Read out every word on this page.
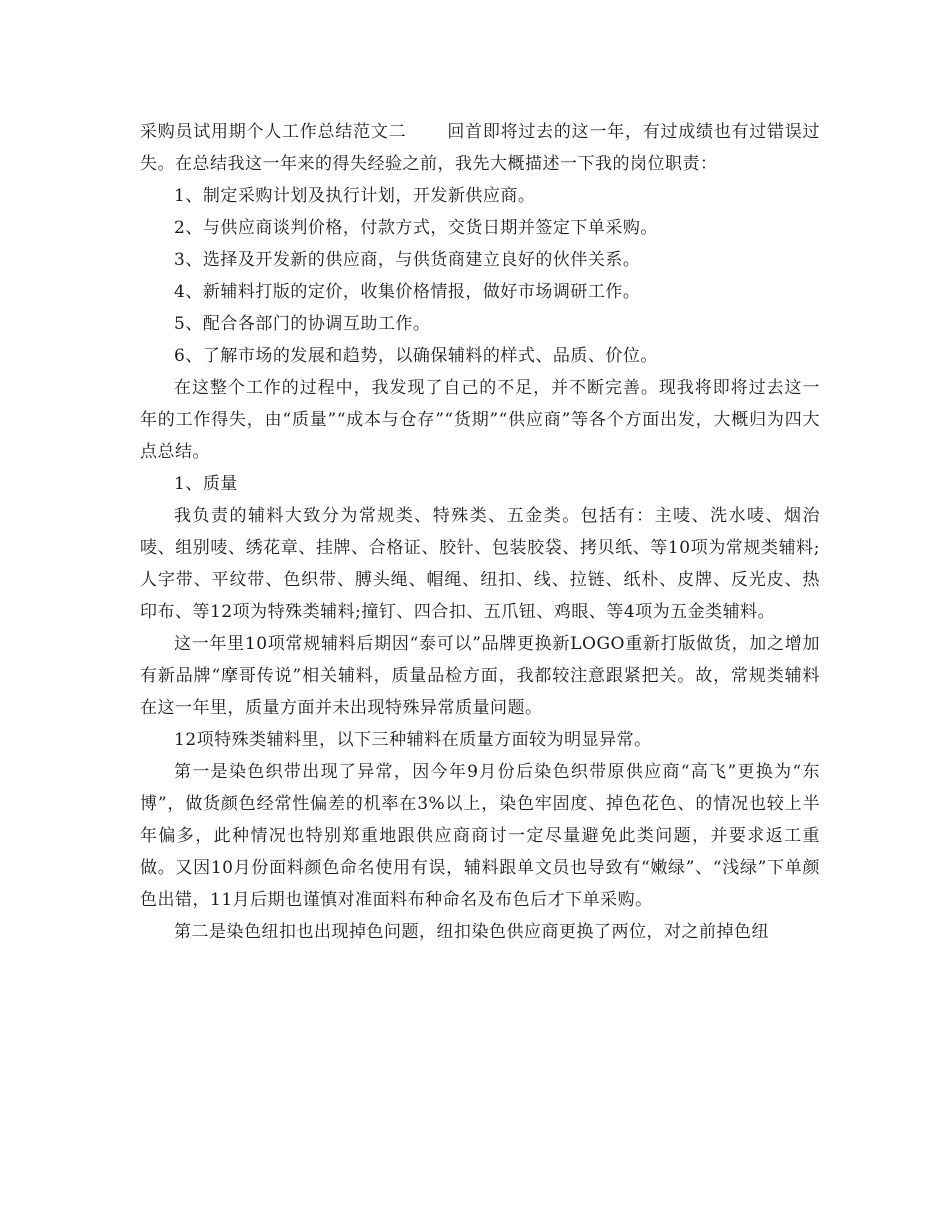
采购员试用期个人工作总结范文二 回首即将过去的这一年，有过成绩也有过错误过失。在总结我这一年来的得失经验之前，我先大概描述一下我的岗位职责：

1、制定采购计划及执行计划，开发新供应商。

2、与供应商谈判价格，付款方式，交货日期并签定下单采购。

3、选择及开发新的供应商，与供货商建立良好的伙伴关系。

4、新辅料打版的定价，收集价格情报，做好市场调研工作。

5、配合各部门的协调互助工作。

6、了解市场的发展和趋势，以确保辅料的样式、品质、价位。

在这整个工作的过程中，我发现了自己的不足，并不断完善。现我将即将过去这一年的工作得失，由“质量”“成本与仓存”“货期”“供应商”等各个方面出发，大概归为四大点总结。

1、质量

我负责的辅料大致分为常规类、特殊类、五金类。包括有：主唛、洗水唛、烟治唛、组别唛、绣花章、挂牌、合格证、胶针、包装胶袋、拷贝纸、等10项为常规类辅料;人字带、平纹带、色织带、膊头绳、帽绳、纽扣、线、拉链、纸朴、皮牌、反光皮、热印布、等12项为特殊类辅料;撞钉、四合扣、五爪钮、鸡眼、等4项为五金类辅料。

这一年里10项常规辅料后期因“泰可以”品牌更换新LOGO重新打版做货，加之增加有新品牌“摩哥传说”相关辅料，质量品检方面，我都较注意跟紧把关。故，常规类辅料在这一年里，质量方面并未出现特殊异常质量问题。

12项特殊类辅料里，以下三种辅料在质量方面较为明显异常。

第一是染色织带出现了异常，因今年9月份后染色织带原供应商“高飞”更换为“东博”，做货颜色经常性偏差的机率在3%以上，染色牢固度、掉色花色、的情况也较上半年偏多，此种情况也特别郑重地跟供应商商讨一定尽量避免此类问题，并要求返工重做。又因10月份面料颜色命名使用有误，辅料跟单文员也导致有“嫩绿”、“浅绿”下单颜色出错，11月后期也谨慎对准面料布种命名及布色后才下单采购。

第二是染色纽扣也出现掉色问题，纽扣染色供应商更换了两位，对之前掉色纽
